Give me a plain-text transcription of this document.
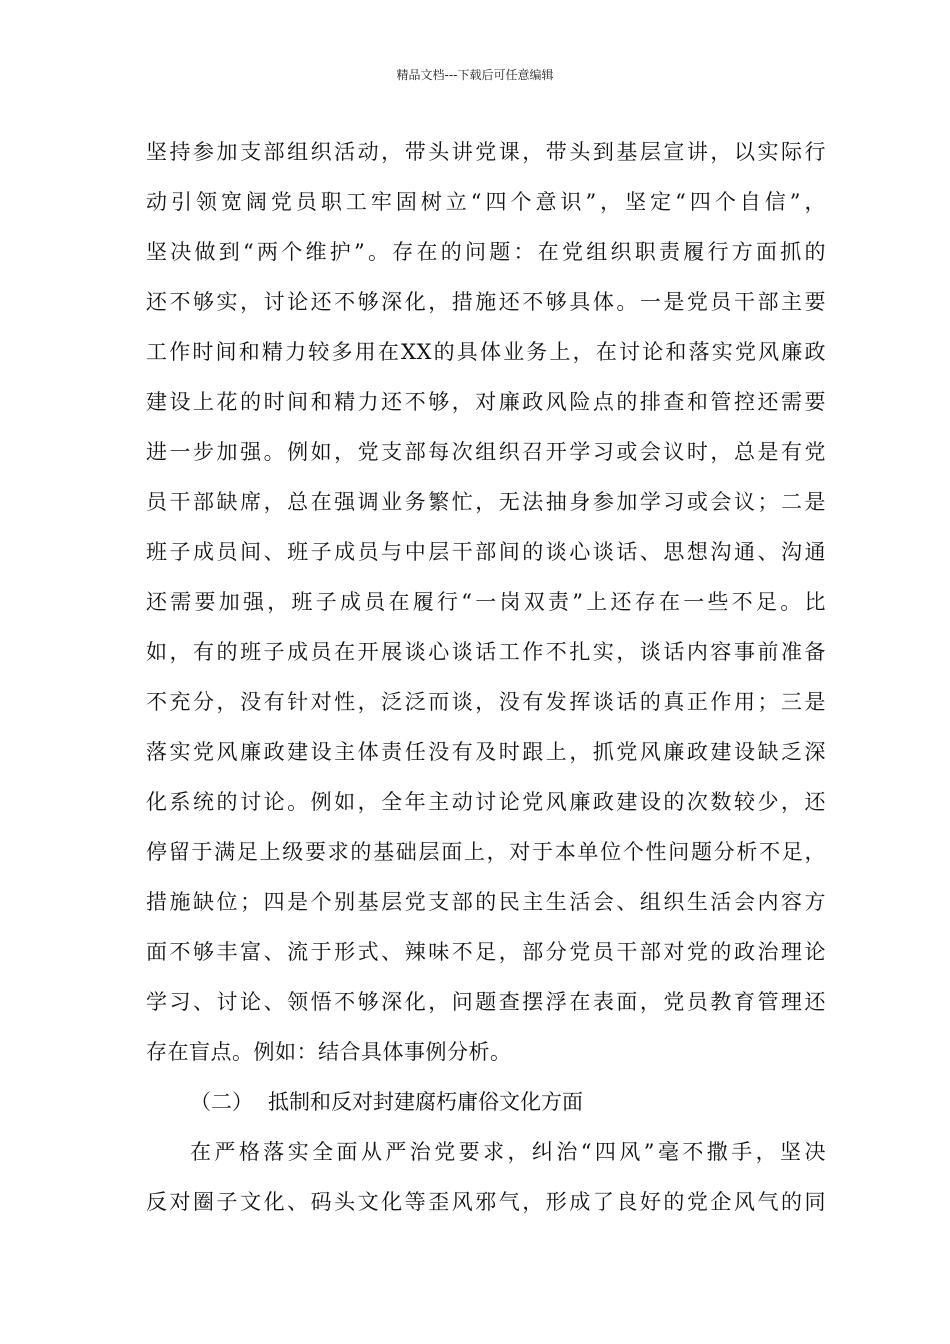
精品文档---下载后可任意编辑
坚持参加支部组织活动，带头讲党课，带头到基层宣讲，以实际行
动引领宽阔党员职工牢固树立“四个意识”，坚定“四个自信”，
坚决做到“两个维护”。存在的问题：在党组织职责履行方面抓的
还不够实，讨论还不够深化，措施还不够具体。一是党员干部主要
工作时间和精力较多用在XX的具体业务上，在讨论和落实党风廉政
建设上花的时间和精力还不够，对廉政风险点的排查和管控还需要
进一步加强。例如，党支部每次组织召开学习或会议时，总是有党
员干部缺席，总在强调业务繁忙，无法抽身参加学习或会议；二是
班子成员间、班子成员与中层干部间的谈心谈话、思想沟通、沟通
还需要加强，班子成员在履行“一岗双责”上还存在一些不足。比
如，有的班子成员在开展谈心谈话工作不扎实，谈话内容事前准备
不充分，没有针对性，泛泛而谈，没有发挥谈话的真正作用；三是
落实党风廉政建设主体责任没有及时跟上，抓党风廉政建设缺乏深
化系统的讨论。例如，全年主动讨论党风廉政建设的次数较少，还
停留于满足上级要求的基础层面上，对于本单位个性问题分析不足，
措施缺位；四是个别基层党支部的民主生活会、组织生活会内容方
面不够丰富、流于形式、辣味不足，部分党员干部对党的政治理论
学习、讨论、领悟不够深化，问题查摆浮在表面，党员教育管理还
存在盲点。例如：结合具体事例分析。
（二） 抵制和反对封建腐朽庸俗文化方面
在严格落实全面从严治党要求，纠治“四风”毫不撒手，坚决
反对圈子文化、码头文化等歪风邪气，形成了良好的党企风气的同
